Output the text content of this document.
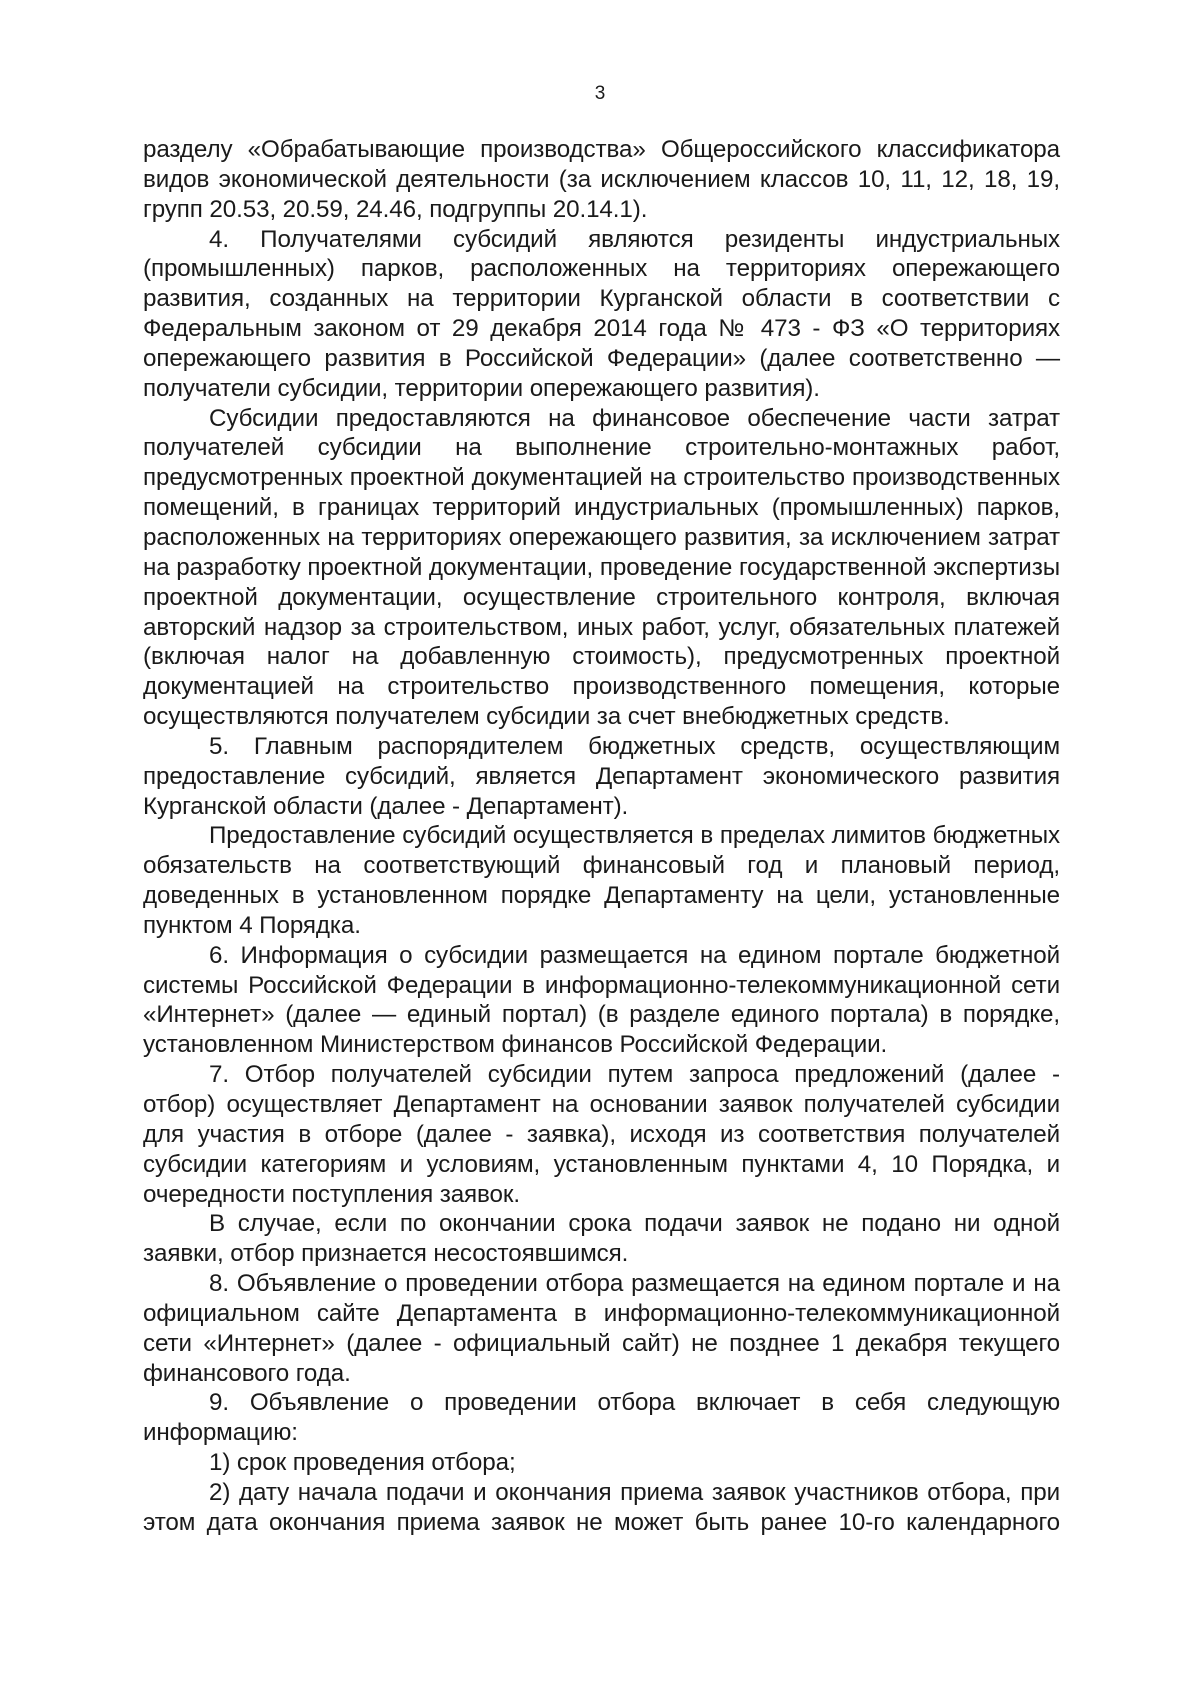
3

разделу «Обрабатывающие производства» Общероссийского классификатора видов экономической деятельности (за исключением классов 10, 11, 12, 18, 19, групп 20.53, 20.59, 24.46, подгруппы 20.14.1).

4. Получателями субсидий являются резиденты индустриальных (промышленных) парков, расположенных на территориях опережающего развития, созданных на территории Курганской области в соответствии с Федеральным законом от 29 декабря 2014 года № 473 - ФЗ «О территориях опережающего развития в Российской Федерации» (далее соответственно — получатели субсидии, территории опережающего развития).

Субсидии предоставляются на финансовое обеспечение части затрат получателей субсидии на выполнение строительно-монтажных работ, предусмотренных проектной документацией на строительство производственных помещений, в границах территорий индустриальных (промышленных) парков, расположенных на территориях опережающего развития, за исключением затрат на разработку проектной документации, проведение государственной экспертизы проектной документации, осуществление строительного контроля, включая авторский надзор за строительством, иных работ, услуг, обязательных платежей (включая налог на добавленную стоимость), предусмотренных проектной документацией на строительство производственного помещения, которые осуществляются получателем субсидии за счет внебюджетных средств.

5. Главным распорядителем бюджетных средств, осуществляющим предоставление субсидий, является Департамент экономического развития Курганской области (далее - Департамент).

Предоставление субсидий осуществляется в пределах лимитов бюджетных обязательств на соответствующий финансовый год и плановый период, доведенных в установленном порядке Департаменту на цели, установленные пунктом 4 Порядка.

6. Информация о субсидии размещается на едином портале бюджетной системы Российской Федерации в информационно-телекоммуникационной сети «Интернет» (далее — единый портал) (в разделе единого портала) в порядке, установленном Министерством финансов Российской Федерации.

7. Отбор получателей субсидии путем запроса предложений (далее - отбор) осуществляет Департамент на основании заявок получателей субсидии для участия в отборе (далее - заявка), исходя из соответствия получателей субсидии категориям и условиям, установленным пунктами 4, 10 Порядка, и очередности поступления заявок.

В случае, если по окончании срока подачи заявок не подано ни одной заявки, отбор признается несостоявшимся.

8. Объявление о проведении отбора размещается на едином портале и на официальном сайте Департамента в информационно-телекоммуникационной сети «Интернет» (далее - официальный сайт) не позднее 1 декабря текущего финансового года.

9. Объявление о проведении отбора включает в себя следующую информацию:

1) срок проведения отбора;

2) дату начала подачи и окончания приема заявок участников отбора, при этом дата окончания приема заявок не может быть ранее 10-го календарного
